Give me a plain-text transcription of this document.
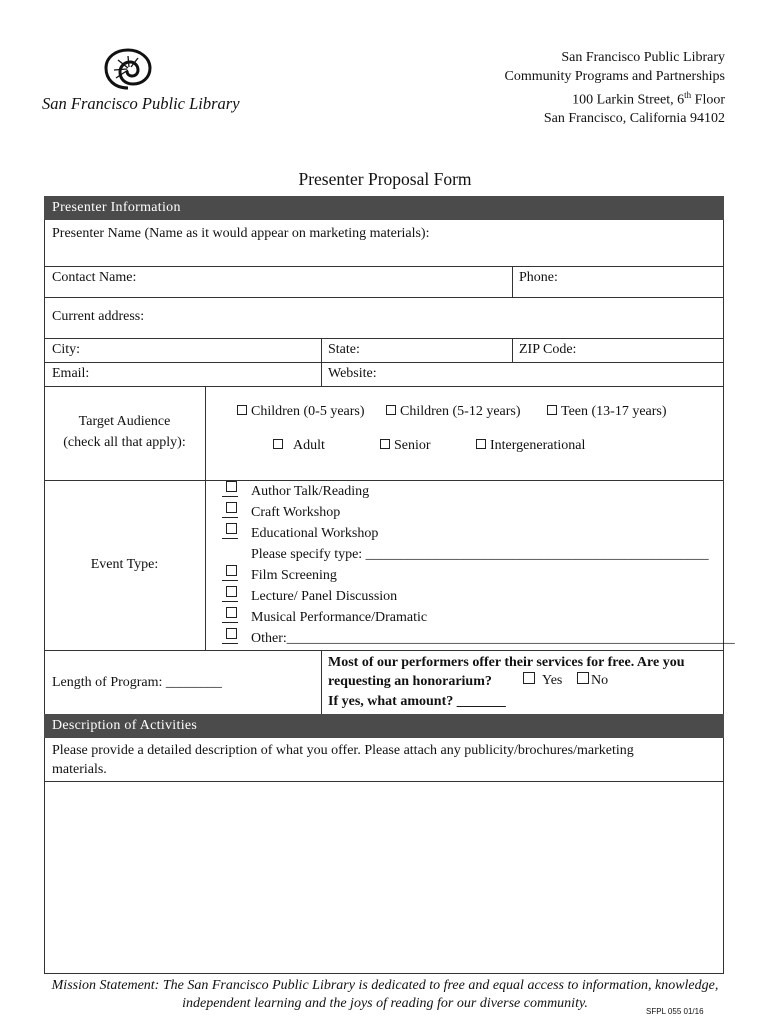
San Francisco Public Library
San Francisco Public Library
Community Programs and Partnerships
100 Larkin Street, 6th Floor
San Francisco, California 94102
Presenter Proposal Form
Presenter Information
Presenter Name (Name as it would appear on marketing materials):
Contact Name:	Phone:
Current address:
City:	State:	ZIP Code:
Email:	Website:
Target Audience
(check all that apply):
Children (0-5 years)	Children (5-12 years)	Teen (13-17 years)
Adult	Senior	Intergenerational
Event Type:
Author Talk/Reading
Craft Workshop
Educational Workshop
Please specify type: _________________________________________________
Film Screening
Lecture/ Panel Discussion
Musical Performance/Dramatic
Other:________________________________________________________________
Length of Program: ________
Most of our performers offer their services for free. Are you
requesting an honorarium?	Yes	No
If yes, what amount? _______
Description of Activities
Please provide a detailed description of what you offer. Please attach any publicity/brochures/marketing
materials.
Mission Statement: The San Francisco Public Library is dedicated to free and equal access to information, knowledge,
independent learning and the joys of reading for our diverse community.
SFPL 055 01/16
